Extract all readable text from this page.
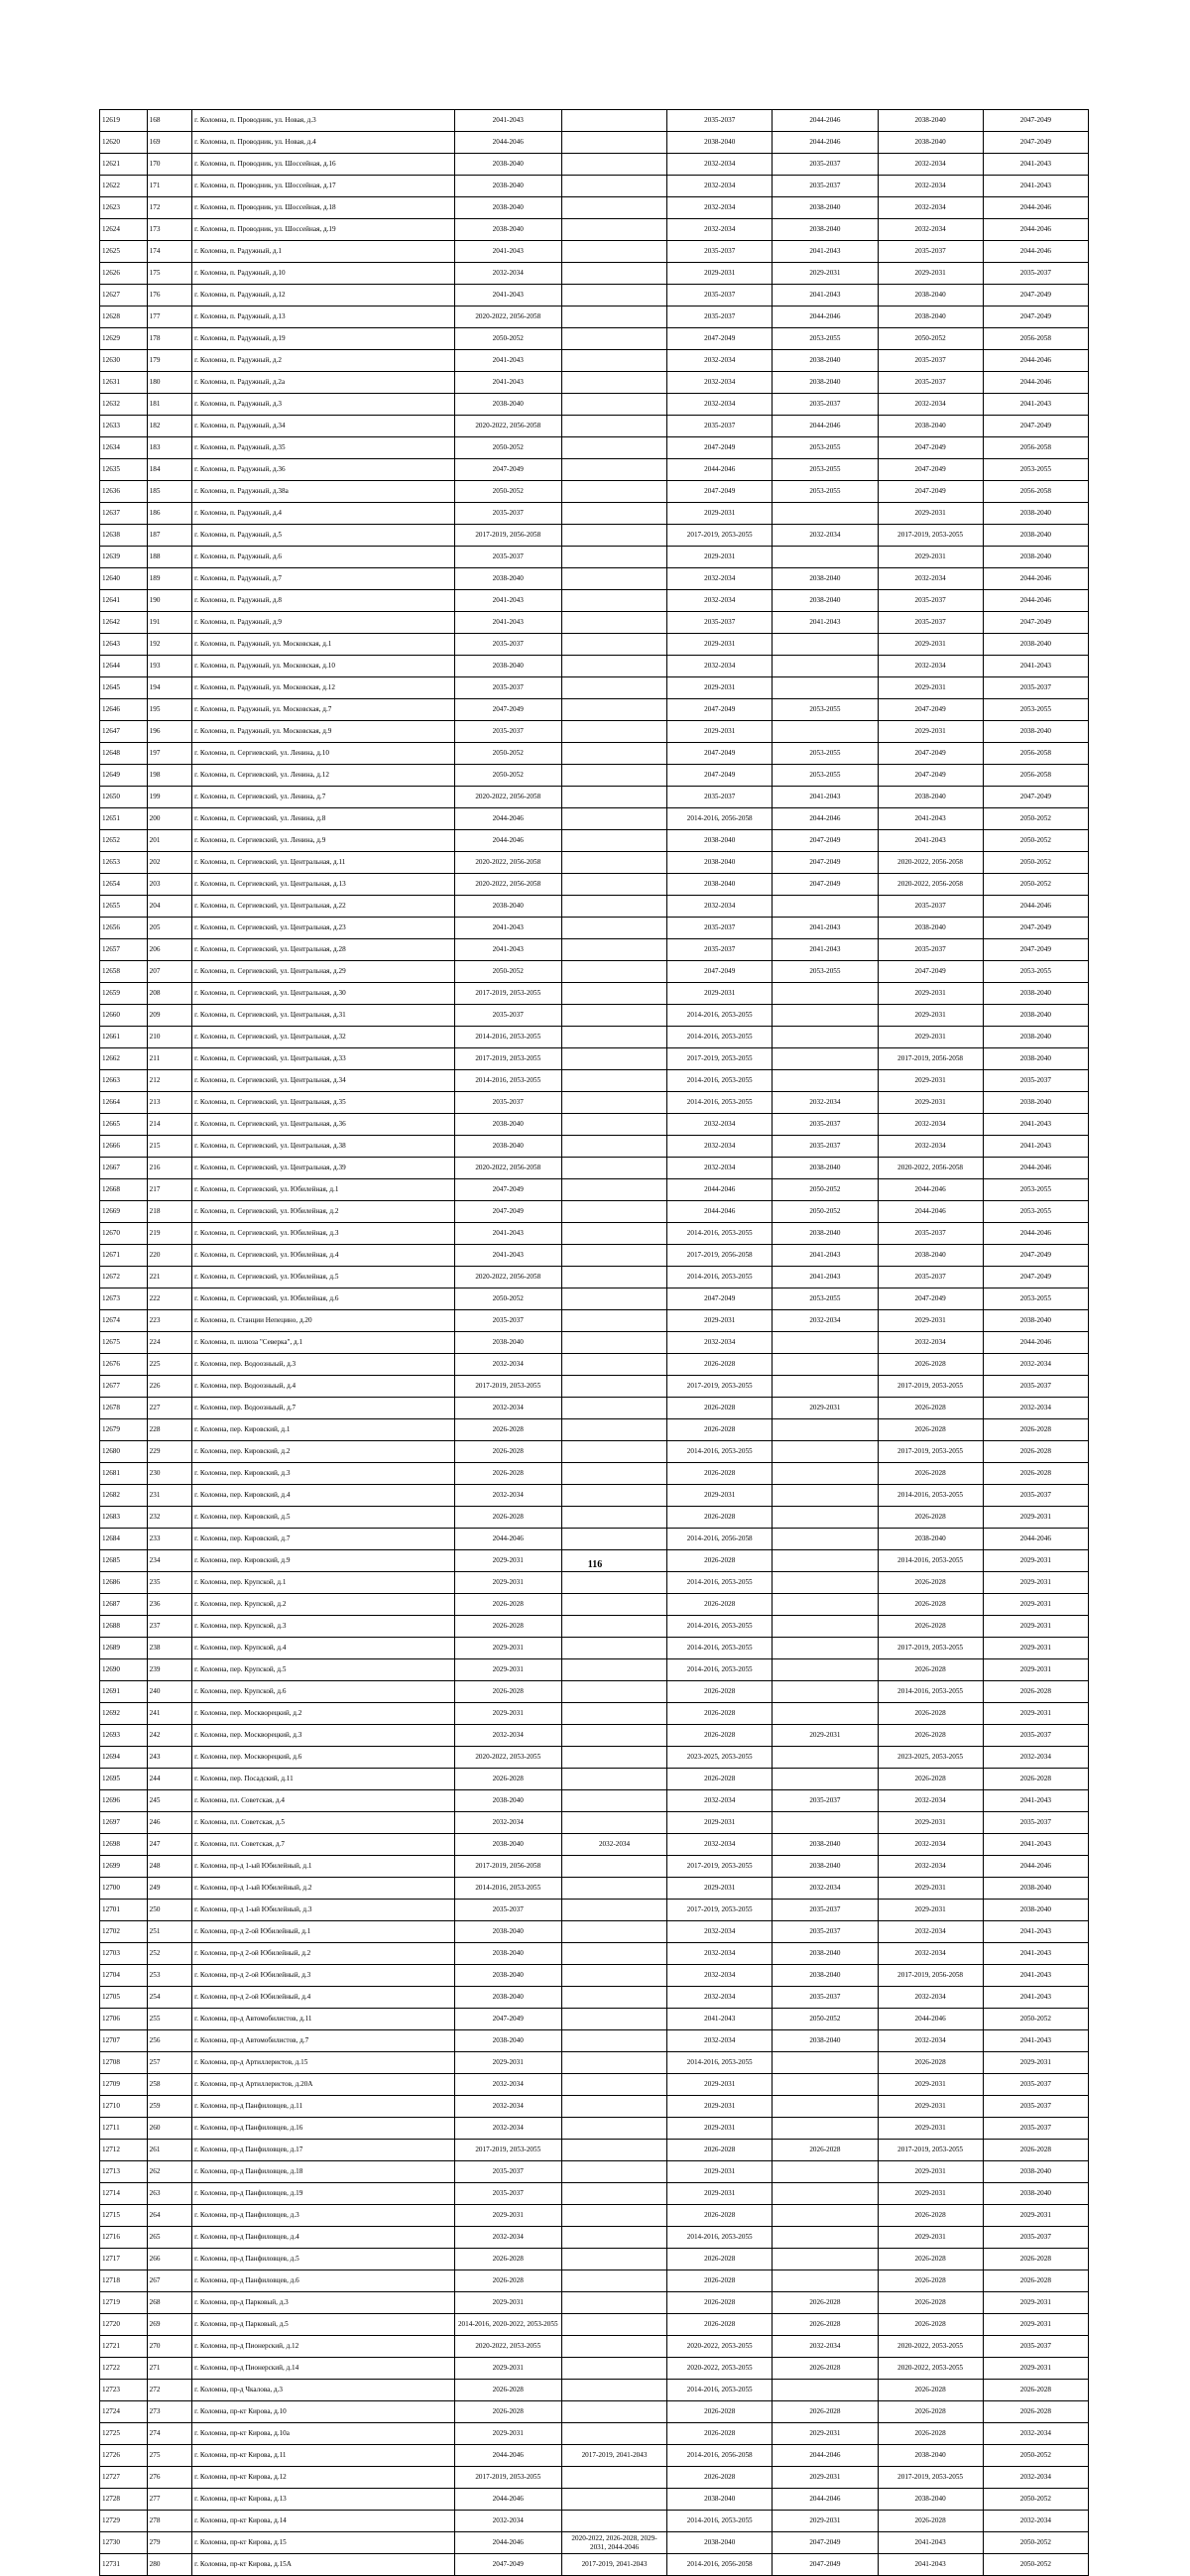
12619	168	г. Коломна, п. Проводник, ул. Новая, д.3	2041-2043		2035-2037	2044-2046	2038-2040	2047-2049
12620	169	г. Коломна, п. Проводник, ул. Новая, д.4	2044-2046		2038-2040	2044-2046	2038-2040	2047-2049
12621	170	г. Коломна, п. Проводник, ул. Шоссейная, д.16	2038-2040		2032-2034	2035-2037	2032-2034	2041-2043
12622	171	г. Коломна, п. Проводник, ул. Шоссейная, д.17	2038-2040		2032-2034	2035-2037	2032-2034	2041-2043
12623	172	г. Коломна, п. Проводник, ул. Шоссейная, д.18	2038-2040		2032-2034	2038-2040	2032-2034	2044-2046
12624	173	г. Коломна, п. Проводник, ул. Шоссейная, д.19	2038-2040		2032-2034	2038-2040	2032-2034	2044-2046
12625	174	г. Коломна, п. Радужный, д.1	2041-2043		2035-2037	2041-2043	2035-2037	2044-2046
12626	175	г. Коломна, п. Радужный, д.10	2032-2034		2029-2031	2029-2031	2029-2031	2035-2037
12627	176	г. Коломна, п. Радужный, д.12	2041-2043		2035-2037	2041-2043	2038-2040	2047-2049
12628	177	г. Коломна, п. Радужный, д.13	2020-2022, 2056-2058		2035-2037	2044-2046	2038-2040	2047-2049
12629	178	г. Коломна, п. Радужный, д.19	2050-2052		2047-2049	2053-2055	2050-2052	2056-2058
12630	179	г. Коломна, п. Радужный, д.2	2041-2043		2032-2034	2038-2040	2035-2037	2044-2046
12631	180	г. Коломна, п. Радужный, д.2а	2041-2043		2032-2034	2038-2040	2035-2037	2044-2046
12632	181	г. Коломна, п. Радужный, д.3	2038-2040		2032-2034	2035-2037	2032-2034	2041-2043
12633	182	г. Коломна, п. Радужный, д.34	2020-2022, 2056-2058		2035-2037	2044-2046	2038-2040	2047-2049
12634	183	г. Коломна, п. Радужный, д.35	2050-2052		2047-2049	2053-2055	2047-2049	2056-2058
12635	184	г. Коломна, п. Радужный, д.36	2047-2049		2044-2046	2053-2055	2047-2049	2053-2055
12636	185	г. Коломна, п. Радужный, д.38а	2050-2052		2047-2049	2053-2055	2047-2049	2056-2058
12637	186	г. Коломна, п. Радужный, д.4	2035-2037		2029-2031		2029-2031	2038-2040
12638	187	г. Коломна, п. Радужный, д.5	2017-2019, 2056-2058		2017-2019, 2053-2055	2032-2034	2017-2019, 2053-2055	2038-2040
12639	188	г. Коломна, п. Радужный, д.6	2035-2037		2029-2031		2029-2031	2038-2040
12640	189	г. Коломна, п. Радужный, д.7	2038-2040		2032-2034	2038-2040	2032-2034	2044-2046
12641	190	г. Коломна, п. Радужный, д.8	2041-2043		2032-2034	2038-2040	2035-2037	2044-2046
12642	191	г. Коломна, п. Радужный, д.9	2041-2043		2035-2037	2041-2043	2035-2037	2047-2049
12643	192	г. Коломна, п. Радужный, ул. Московская, д.1	2035-2037		2029-2031		2029-2031	2038-2040
12644	193	г. Коломна, п. Радужный, ул. Московская, д.10	2038-2040		2032-2034		2032-2034	2041-2043
12645	194	г. Коломна, п. Радужный, ул. Московская, д.12	2035-2037		2029-2031		2029-2031	2035-2037
12646	195	г. Коломна, п. Радужный, ул. Московская, д.7	2047-2049		2047-2049	2053-2055	2047-2049	2053-2055
12647	196	г. Коломна, п. Радужный, ул. Московская, д.9	2035-2037		2029-2031		2029-2031	2038-2040
12648	197	г. Коломна, п. Сергиевский, ул. Ленина, д.10	2050-2052		2047-2049	2053-2055	2047-2049	2056-2058
12649	198	г. Коломна, п. Сергиевский, ул. Ленина, д.12	2050-2052		2047-2049	2053-2055	2047-2049	2056-2058
12650	199	г. Коломна, п. Сергиевский, ул. Ленина, д.7	2020-2022, 2056-2058		2035-2037	2041-2043	2038-2040	2047-2049
12651	200	г. Коломна, п. Сергиевский, ул. Ленина, д.8	2044-2046		2014-2016, 2056-2058	2044-2046	2041-2043	2050-2052
12652	201	г. Коломна, п. Сергиевский, ул. Ленина, д.9	2044-2046		2038-2040	2047-2049	2041-2043	2050-2052
12653	202	г. Коломна, п. Сергиевский, ул. Центральная, д.11	2020-2022, 2056-2058		2038-2040	2047-2049	2020-2022, 2056-2058	2050-2052
12654	203	г. Коломна, п. Сергиевский, ул. Центральная, д.13	2020-2022, 2056-2058		2038-2040	2047-2049	2020-2022, 2056-2058	2050-2052
12655	204	г. Коломна, п. Сергиевский, ул. Центральная, д.22	2038-2040		2032-2034		2035-2037	2044-2046
12656	205	г. Коломна, п. Сергиевский, ул. Центральная, д.23	2041-2043		2035-2037	2041-2043	2038-2040	2047-2049
12657	206	г. Коломна, п. Сергиевский, ул. Центральная, д.28	2041-2043		2035-2037	2041-2043	2035-2037	2047-2049
12658	207	г. Коломна, п. Сергиевский, ул. Центральная, д.29	2050-2052		2047-2049	2053-2055	2047-2049	2053-2055
12659	208	г. Коломна, п. Сергиевский, ул. Центральная, д.30	2017-2019, 2053-2055		2029-2031		2029-2031	2038-2040
12660	209	г. Коломна, п. Сергиевский, ул. Центральная, д.31	2035-2037		2014-2016, 2053-2055		2029-2031	2038-2040
12661	210	г. Коломна, п. Сергиевский, ул. Центральная, д.32	2014-2016, 2053-2055		2014-2016, 2053-2055		2029-2031	2038-2040
12662	211	г. Коломна, п. Сергиевский, ул. Центральная, д.33	2017-2019, 2053-2055		2017-2019, 2053-2055		2017-2019, 2056-2058	2038-2040
12663	212	г. Коломна, п. Сергиевский, ул. Центральная, д.34	2014-2016, 2053-2055		2014-2016, 2053-2055		2029-2031	2035-2037
12664	213	г. Коломна, п. Сергиевский, ул. Центральная, д.35	2035-2037		2014-2016, 2053-2055	2032-2034	2029-2031	2038-2040
12665	214	г. Коломна, п. Сергиевский, ул. Центральная, д.36	2038-2040		2032-2034	2035-2037	2032-2034	2041-2043
12666	215	г. Коломна, п. Сергиевский, ул. Центральная, д.38	2038-2040		2032-2034	2035-2037	2032-2034	2041-2043
12667	216	г. Коломна, п. Сергиевский, ул. Центральная, д.39	2020-2022, 2056-2058		2032-2034	2038-2040	2020-2022, 2056-2058	2044-2046
12668	217	г. Коломна, п. Сергиевский, ул. Юбилейная, д.1	2047-2049		2044-2046	2050-2052	2044-2046	2053-2055
12669	218	г. Коломна, п. Сергиевский, ул. Юбилейная, д.2	2047-2049		2044-2046	2050-2052	2044-2046	2053-2055
12670	219	г. Коломна, п. Сергиевский, ул. Юбилейная, д.3	2041-2043		2014-2016, 2053-2055	2038-2040	2035-2037	2044-2046
12671	220	г. Коломна, п. Сергиевский, ул. Юбилейная, д.4	2041-2043		2017-2019, 2056-2058	2041-2043	2038-2040	2047-2049
12672	221	г. Коломна, п. Сергиевский, ул. Юбилейная, д.5	2020-2022, 2056-2058		2014-2016, 2053-2055	2041-2043	2035-2037	2047-2049
12673	222	г. Коломна, п. Сергиевский, ул. Юбилейная, д.6	2050-2052		2047-2049	2053-2055	2047-2049	2053-2055
12674	223	г. Коломна, п. Станции Непецино, д.20	2035-2037		2029-2031	2032-2034	2029-2031	2038-2040
12675	224	г. Коломна, п. шлюза "Северка", д.1	2038-2040		2032-2034		2032-2034	2044-2046
12676	225	г. Коломна, пер. Водоозныый, д.3	2032-2034		2026-2028		2026-2028	2032-2034
12677	226	г. Коломна, пер. Водоозныый, д.4	2017-2019, 2053-2055		2017-2019, 2053-2055		2017-2019, 2053-2055	2035-2037
12678	227	г. Коломна, пер. Водоозныый, д.7	2032-2034		2026-2028	2029-2031	2026-2028	2032-2034
12679	228	г. Коломна, пер. Кировский, д.1	2026-2028		2026-2028		2026-2028	2026-2028
12680	229	г. Коломна, пер. Кировский, д.2	2026-2028		2014-2016, 2053-2055		2017-2019, 2053-2055	2026-2028
12681	230	г. Коломна, пер. Кировский, д.3	2026-2028		2026-2028		2026-2028	2026-2028
12682	231	г. Коломна, пер. Кировский, д.4	2032-2034		2029-2031		2014-2016, 2053-2055	2035-2037
12683	232	г. Коломна, пер. Кировский, д.5	2026-2028		2026-2028		2026-2028	2029-2031
12684	233	г. Коломна, пер. Кировский, д.7	2044-2046		2014-2016, 2056-2058		2038-2040	2044-2046
12685	234	г. Коломна, пер. Кировский, д.9	2029-2031		2026-2028		2014-2016, 2053-2055	2029-2031
12686	235	г. Коломна, пер. Крупской, д.1	2029-2031		2014-2016, 2053-2055		2026-2028	2029-2031
12687	236	г. Коломна, пер. Крупской, д.2	2026-2028		2026-2028		2026-2028	2029-2031
12688	237	г. Коломна, пер. Крупской, д.3	2026-2028		2014-2016, 2053-2055		2026-2028	2029-2031
12689	238	г. Коломна, пер. Крупской, д.4	2029-2031		2014-2016, 2053-2055		2017-2019, 2053-2055	2029-2031
12690	239	г. Коломна, пер. Крупской, д.5	2029-2031		2014-2016, 2053-2055		2026-2028	2029-2031
12691	240	г. Коломна, пер. Крупской, д.6	2026-2028		2026-2028		2014-2016, 2053-2055	2026-2028
12692	241	г. Коломна, пер. Москворецкий, д.2	2029-2031		2026-2028		2026-2028	2029-2031
12693	242	г. Коломна, пер. Москворецкий, д.3	2032-2034		2026-2028	2029-2031	2026-2028	2035-2037
12694	243	г. Коломна, пер. Москворецкий, д.6	2020-2022, 2053-2055		2023-2025, 2053-2055		2023-2025, 2053-2055	2032-2034
12695	244	г. Коломна, пер. Посадский, д.11	2026-2028		2026-2028		2026-2028	2026-2028
12696	245	г. Коломна, пл. Советская, д.4	2038-2040		2032-2034	2035-2037	2032-2034	2041-2043
12697	246	г. Коломна, пл. Советская, д.5	2032-2034		2029-2031		2029-2031	2035-2037
12698	247	г. Коломна, пл. Советская, д.7	2038-2040	2032-2034	2032-2034	2038-2040	2032-2034	2041-2043
12699	248	г. Коломна, пр-д 1-ый Юбилейный, д.1	2017-2019, 2056-2058		2017-2019, 2053-2055	2038-2040	2032-2034	2044-2046
12700	249	г. Коломна, пр-д 1-ый Юбилейный, д.2	2014-2016, 2053-2055		2029-2031	2032-2034	2029-2031	2038-2040
12701	250	г. Коломна, пр-д 1-ый Юбилейный, д.3	2035-2037		2017-2019, 2053-2055	2035-2037	2029-2031	2038-2040
12702	251	г. Коломна, пр-д 2-ой Юбилейный, д.1	2038-2040		2032-2034	2035-2037	2032-2034	2041-2043
12703	252	г. Коломна, пр-д 2-ой Юбилейный, д.2	2038-2040		2032-2034	2038-2040	2032-2034	2041-2043
12704	253	г. Коломна, пр-д 2-ой Юбилейный, д.3	2038-2040		2032-2034	2038-2040	2017-2019, 2056-2058	2041-2043
12705	254	г. Коломна, пр-д 2-ой Юбилейный, д.4	2038-2040		2032-2034	2035-2037	2032-2034	2041-2043
12706	255	г. Коломна, пр-д Автомобилистов, д.11	2047-2049		2041-2043	2050-2052	2044-2046	2050-2052
12707	256	г. Коломна, пр-д Автомобилистов, д.7	2038-2040		2032-2034	2038-2040	2032-2034	2041-2043
12708	257	г. Коломна, пр-д Артиллеристов, д.15	2029-2031		2014-2016, 2053-2055		2026-2028	2029-2031
12709	258	г. Коломна, пр-д Артиллеристов, д.20А	2032-2034		2029-2031		2029-2031	2035-2037
12710	259	г. Коломна, пр-д Панфиловцев, д.11	2032-2034		2029-2031		2029-2031	2035-2037
12711	260	г. Коломна, пр-д Панфиловцев, д.16	2032-2034		2029-2031		2029-2031	2035-2037
12712	261	г. Коломна, пр-д Панфиловцев, д.17	2017-2019, 2053-2055		2026-2028	2026-2028	2017-2019, 2053-2055	2026-2028
12713	262	г. Коломна, пр-д Панфиловцев, д.18	2035-2037		2029-2031		2029-2031	2038-2040
12714	263	г. Коломна, пр-д Панфиловцев, д.19	2035-2037		2029-2031		2029-2031	2038-2040
12715	264	г. Коломна, пр-д Панфиловцев, д.3	2029-2031		2026-2028		2026-2028	2029-2031
12716	265	г. Коломна, пр-д Панфиловцев, д.4	2032-2034		2014-2016, 2053-2055		2029-2031	2035-2037
12717	266	г. Коломна, пр-д Панфиловцев, д.5	2026-2028		2026-2028		2026-2028	2026-2028
12718	267	г. Коломна, пр-д Панфиловцев, д.6	2026-2028		2026-2028		2026-2028	2026-2028
12719	268	г. Коломна, пр-д Парковый, д.3	2029-2031		2026-2028	2026-2028	2026-2028	2029-2031
12720	269	г. Коломна, пр-д Парковый, д.5	2014-2016, 2020-2022, 2053-2055		2026-2028	2026-2028	2026-2028	2029-2031
12721	270	г. Коломна, пр-д Пионерский, д.12	2020-2022, 2053-2055		2020-2022, 2053-2055	2032-2034	2020-2022, 2053-2055	2035-2037
12722	271	г. Коломна, пр-д Пионерский, д.14	2029-2031		2020-2022, 2053-2055	2026-2028	2020-2022, 2053-2055	2029-2031
12723	272	г. Коломна, пр-д Чкалова, д.3	2026-2028		2014-2016, 2053-2055		2026-2028	2026-2028
12724	273	г. Коломна, пр-кт Кирова, д.10	2026-2028		2026-2028	2026-2028	2026-2028	2026-2028
12725	274	г. Коломна, пр-кт Кирова, д.10а	2029-2031		2026-2028	2029-2031	2026-2028	2032-2034
12726	275	г. Коломна, пр-кт Кирова, д.11	2044-2046	2017-2019, 2041-2043	2014-2016, 2056-2058	2044-2046	2038-2040	2050-2052
12727	276	г. Коломна, пр-кт Кирова, д.12	2017-2019, 2053-2055		2026-2028	2029-2031	2017-2019, 2053-2055	2032-2034
12728	277	г. Коломна, пр-кт Кирова, д.13	2044-2046		2038-2040	2044-2046	2038-2040	2050-2052
12729	278	г. Коломна, пр-кт Кирова, д.14	2032-2034		2014-2016, 2053-2055	2029-2031	2026-2028	2032-2034
12730	279	г. Коломна, пр-кт Кирова, д.15	2044-2046	2020-2022, 2026-2028, 2029-2031, 2044-2046	2038-2040	2047-2049	2041-2043	2050-2052
12731	280	г. Коломна, пр-кт Кирова, д.15А	2047-2049	2017-2019, 2041-2043	2014-2016, 2056-2058	2047-2049	2041-2043	2050-2052
116
